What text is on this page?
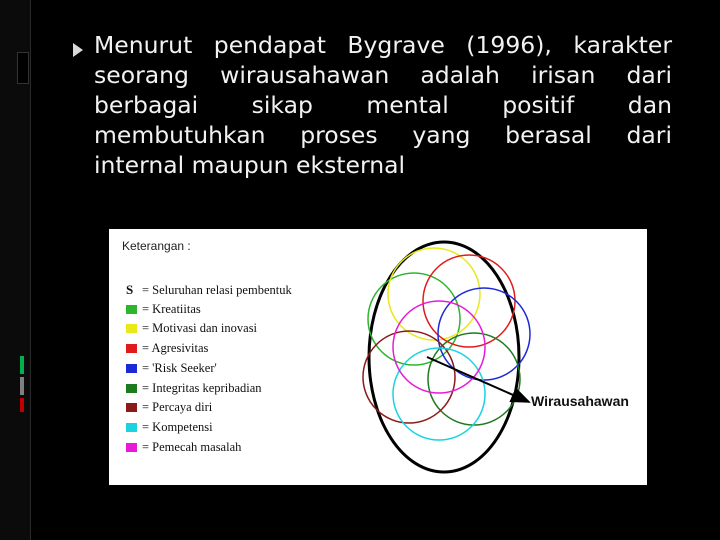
Menurut pendapat Bygrave (1996), karakter
seorang wirausahawan adalah irisan dari
berbagai sikap mental positif dan
membutuhkan proses yang berasal dari
internal maupun eksternal
Keterangan :
S = Seluruhan relasi pembentuk
= Kreatiitas
= Motivasi dan inovasi
= Agresivitas
= 'Risk Seeker'
= Integritas kepribadian
= Percaya diri
= Kompetensi
= Pemecah masalah
Wirausahawan
